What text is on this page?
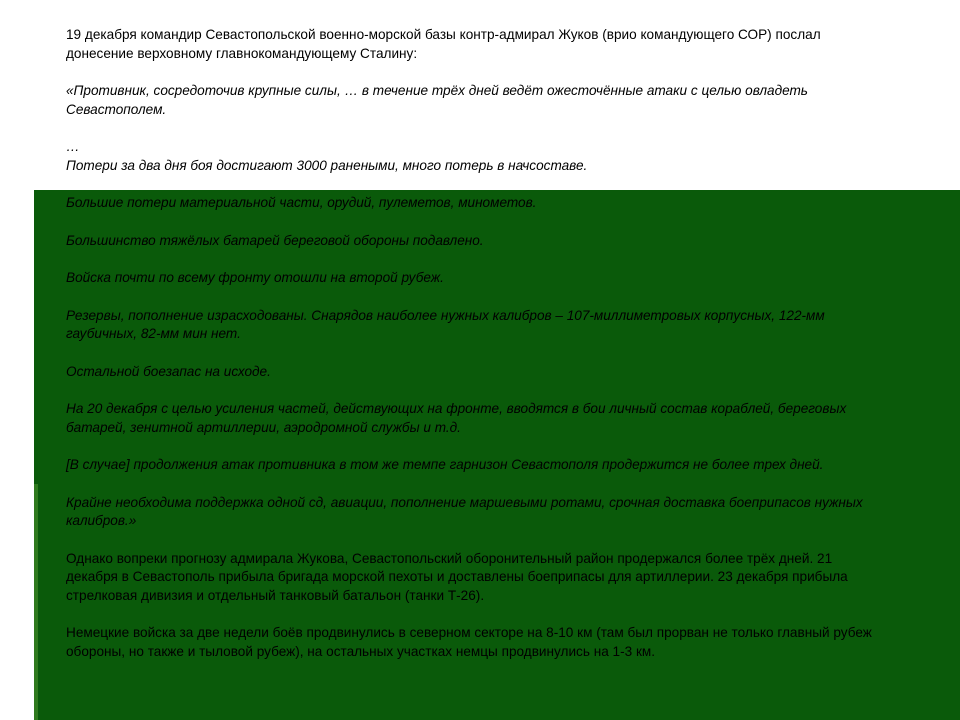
19 декабря командир Севастопольской военно-морской базы контр-адмирал Жуков (врио командующего СОР) послал донесение верховному главнокомандующему Сталину:

«Противник, сосредоточив крупные силы, … в течение трёх дней ведёт ожесточённые атаки с целью овладеть Севастополем.

…

Потери за два дня боя достигают 3000 ранеными, много потерь в начсоставе.

Большие потери материальной части, орудий, пулеметов, минометов.

Большинство тяжёлых батарей береговой обороны подавлено.

Войска почти по всему фронту отошли на второй рубеж.

Резервы, пополнение израсходованы. Снарядов наиболее нужных калибров – 107-миллиметровых корпусных, 122-мм гаубичных, 82-мм мин нет.

Остальной боезапас на исходе.

На 20 декабря с целью усиления частей, действующих на фронте, вводятся в бои личный состав кораблей, береговых батарей, зенитной артиллерии, аэродромной службы и т.д.

[В случае] продолжения атак противника в том же темпе гарнизон Севастополя продержится не более трех дней.

Крайне необходима поддержка одной сд, авиации, пополнение маршевыми ротами, срочная доставка боеприпасов нужных калибров.»

Однако вопреки прогнозу адмирала Жукова, Севастопольский оборонительный район продержался более трёх дней. 21 декабря в Севастополь прибыла бригада морской пехоты и доставлены боеприпасы для артиллерии. 23 декабря прибыла стрелковая дивизия и отдельный танковый батальон (танки Т-26).

Немецкие войска за две недели боёв продвинулись в северном секторе на 8-10 км (там был прорван не только главный рубеж обороны, но также и тыловой рубеж), на остальных участках немцы продвинулись на 1-3 км.
